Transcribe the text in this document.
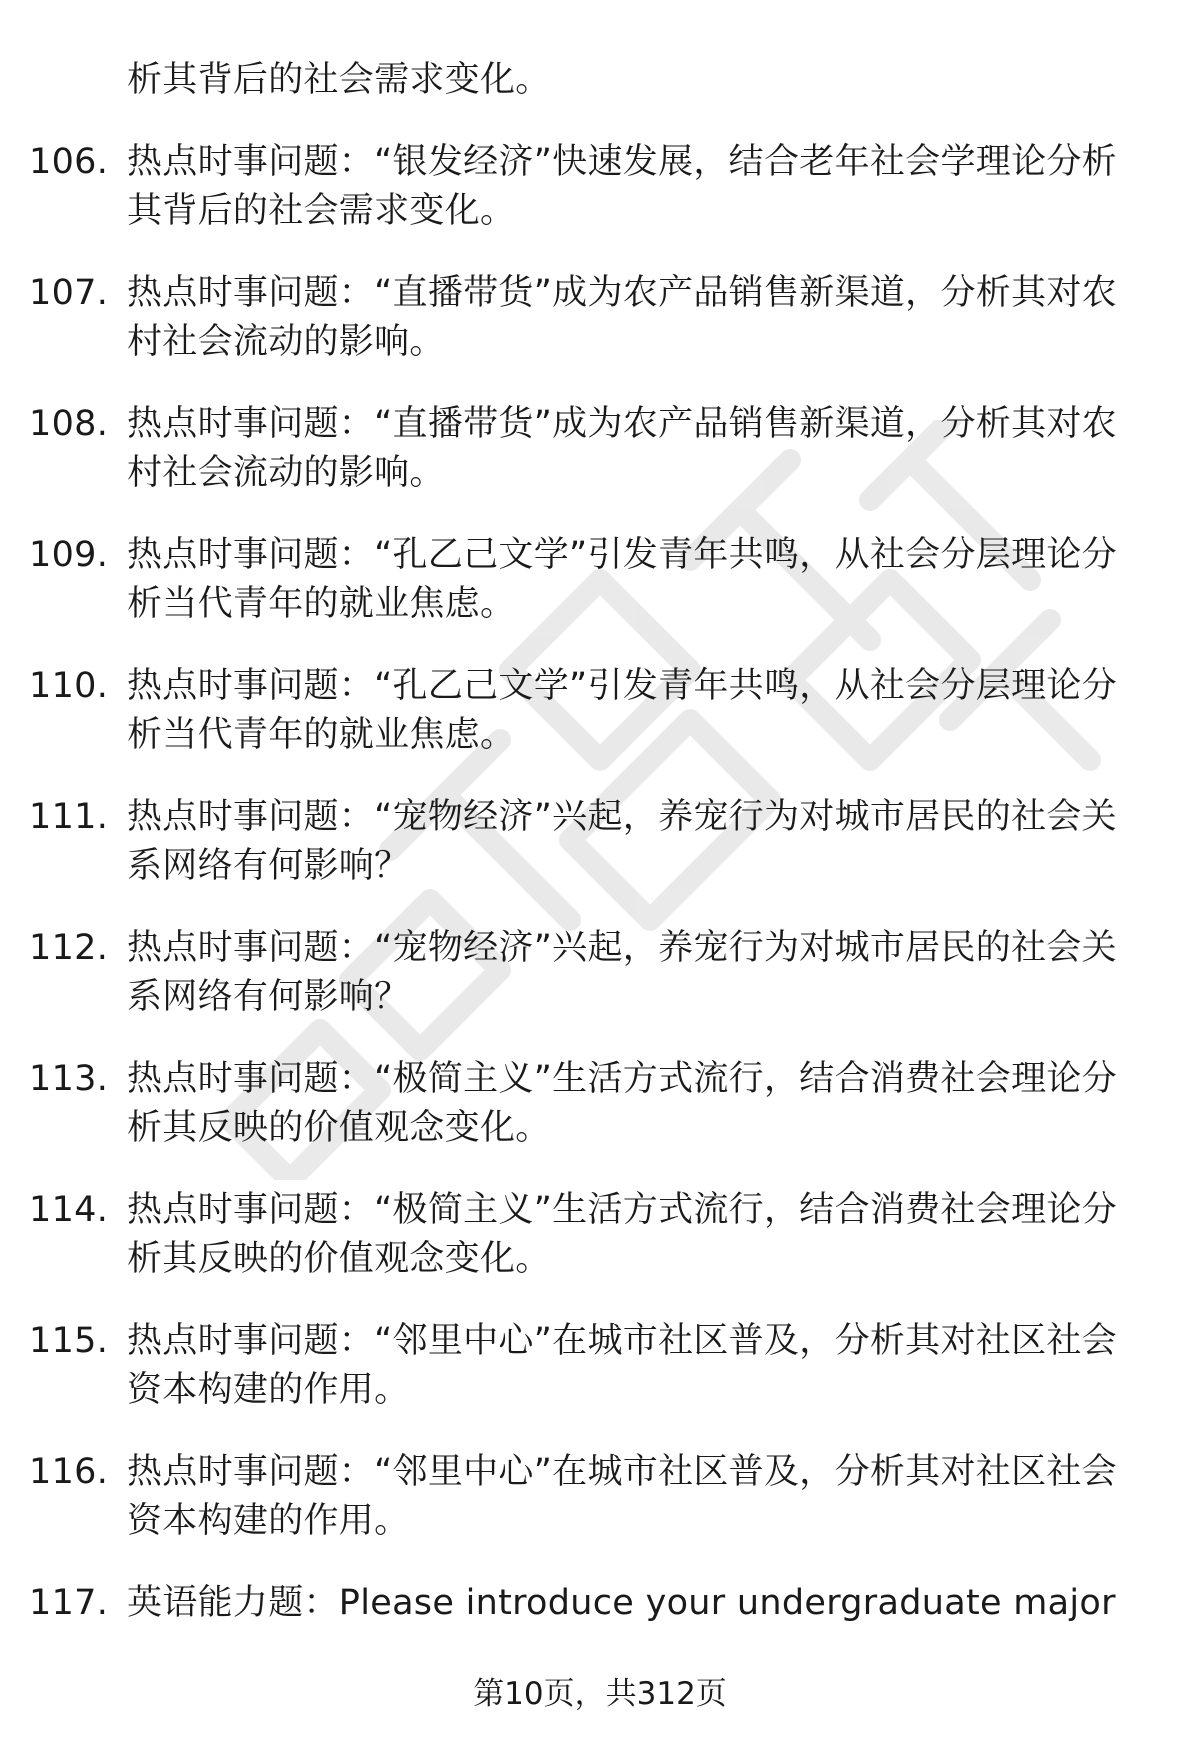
析其背后的社会需求变化。
106. 热点时事问题：“银发经济”快速发展，结合老年社会学理论分析其背后的社会需求变化。
107. 热点时事问题：“直播带货”成为农产品销售新渠道，分析其对农村社会流动的影响。
108. 热点时事问题：“直播带货”成为农产品销售新渠道，分析其对农村社会流动的影响。
109. 热点时事问题：“孔乙己文学”引发青年共鸣，从社会分层理论分析当代青年的就业焦虑。
110. 热点时事问题：“孔乙己文学”引发青年共鸣，从社会分层理论分析当代青年的就业焦虑。
111. 热点时事问题：“宠物经济”兴起，养宠行为对城市居民的社会关系网络有何影响？
112. 热点时事问题：“宠物经济”兴起，养宠行为对城市居民的社会关系网络有何影响？
113. 热点时事问题：“极简主义”生活方式流行，结合消费社会理论分析其反映的价值观念变化。
114. 热点时事问题：“极简主义”生活方式流行，结合消费社会理论分析其反映的价值观念变化。
115. 热点时事问题：“邻里中心”在城市社区普及，分析其对社区社会资本构建的作用。
116. 热点时事问题：“邻里中心”在城市社区普及，分析其对社区社会资本构建的作用。
117. 英语能力题：Please introduce your undergraduate major
第10页，共312页
